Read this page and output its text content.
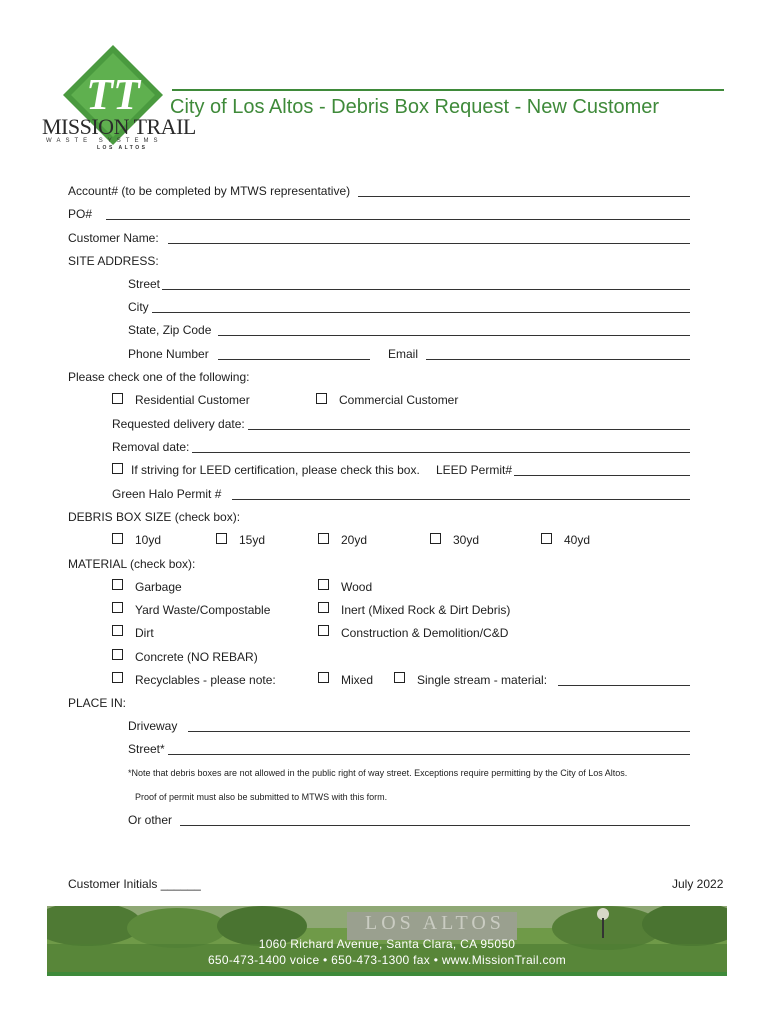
TT
MISSION TRAIL
WASTE SYSTEMS
LOS ALTOS
City of Los Altos - Debris Box Request - New Customer
Account# (to be completed by MTWS representative)
PO#
Customer Name:
SITE ADDRESS:
Street
City
State, Zip Code
Phone Number	Email
Please check one of the following:
Residential Customer	Commercial Customer
Requested delivery date:
Removal date:
If striving for LEED certification, please check this box. LEED Permit#
Green Halo Permit #
DEBRIS BOX SIZE (check box):
10yd	15yd	20yd	30yd	40yd
MATERIAL (check box):
Garbage	Wood
Yard Waste/Compostable	Inert (Mixed Rock & Dirt Debris)
Dirt	Construction & Demolition/C&D
Concrete (NO REBAR)
Recyclables - please note:	Mixed	Single stream - material:
PLACE IN:
Driveway
Street*
*Note that debris boxes are not allowed in the public right of way street. Exceptions require permitting by the City of Los Altos.
Proof of permit must also be submitted to MTWS with this form.
Or other
Customer Initials ______	July 2022
LOS ALTOS
1060 Richard Avenue, Santa Clara, CA 95050
650-473-1400 voice • 650-473-1300 fax • www.MissionTrail.com
